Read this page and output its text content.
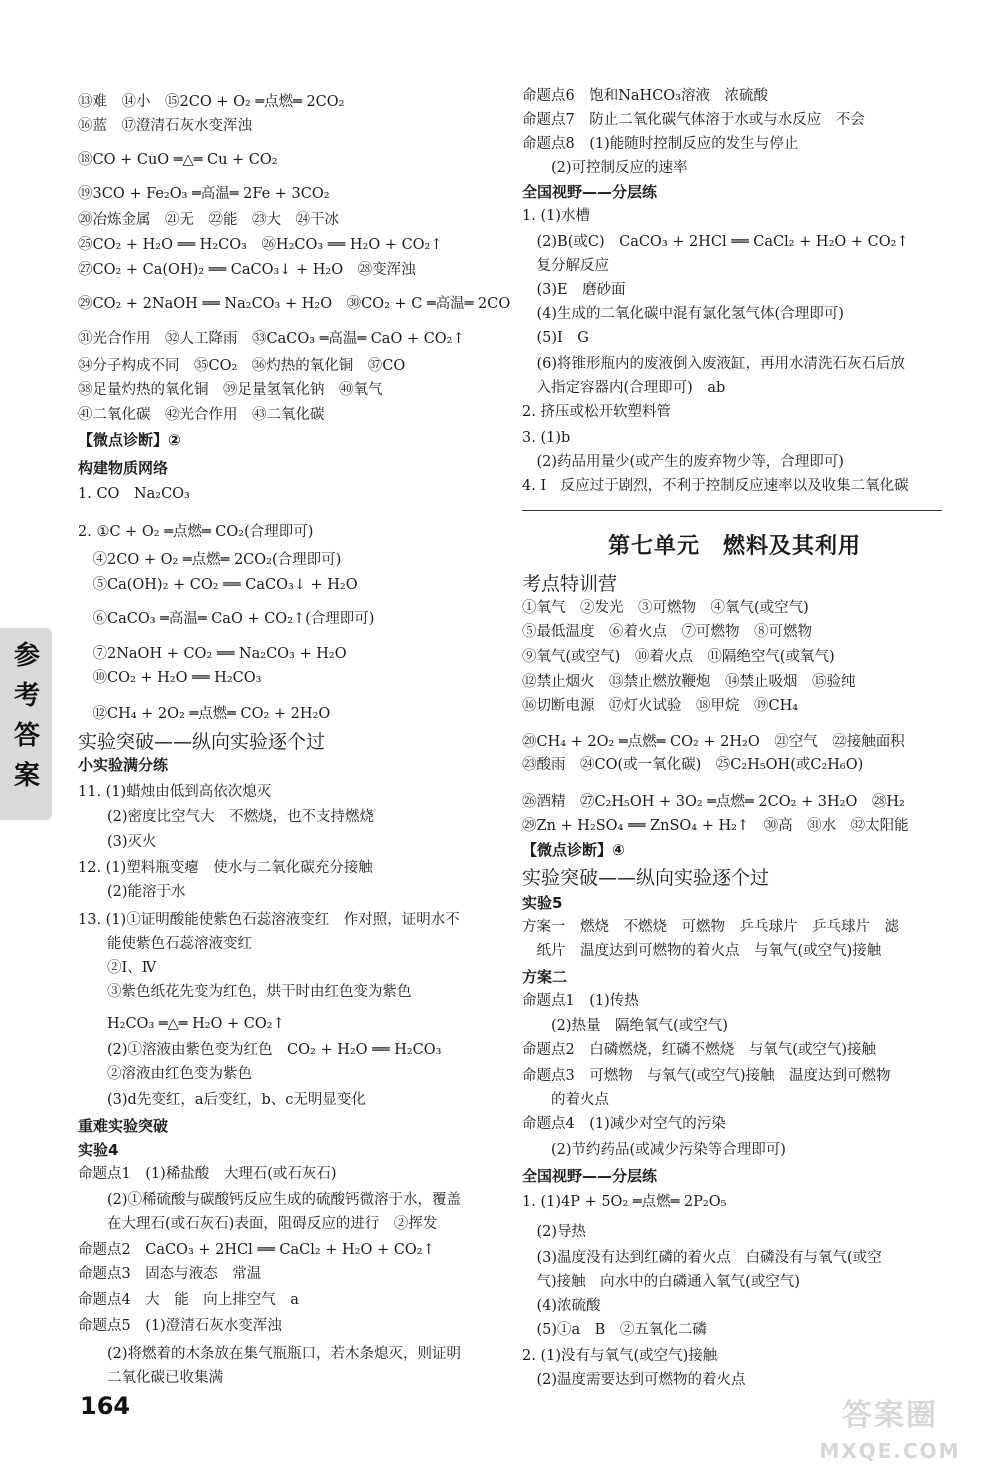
⑬难　⑭小　⑮2CO + O₂ ═点燃═ 2CO₂
⑯蓝　⑰澄清石灰水变浑浊
⑱CO + CuO ═△═ Cu + CO₂
⑲3CO + Fe₂O₃ ═高温═ 2Fe + 3CO₂
⑳冶炼金属　㉑无　㉒能　㉓大　㉔干冰
㉕CO₂ + H₂O ══ H₂CO₃　㉖H₂CO₃ ══ H₂O + CO₂↑
㉗CO₂ + Ca(OH)₂ ══ CaCO₃↓ + H₂O　㉘变浑浊
㉙CO₂ + 2NaOH ══ Na₂CO₃ + H₂O　㉚CO₂ + C ═高温═ 2CO
㉛光合作用　㉜人工降雨　㉝CaCO₃ ═高温═ CaO + CO₂↑
㉞分子构成不同　㉟CO₂　㊱灼热的氧化铜　㊲CO
㊳足量灼热的氧化铜　㊴足量氢氧化钠　㊵氧气
㊶二氧化碳　㊷光合作用　㊸二氧化碳
【微点诊断】②
构建物质网络
1. CO　Na₂CO₃
2. ①C + O₂ ═点燃═ CO₂(合理即可)
　④2CO + O₂ ═点燃═ 2CO₂(合理即可)
　⑤Ca(OH)₂ + CO₂ ══ CaCO₃↓ + H₂O
　⑥CaCO₃ ═高温═ CaO + CO₂↑(合理即可)
　⑦2NaOH + CO₂ ══ Na₂CO₃ + H₂O
　⑩CO₂ + H₂O ══ H₂CO₃
　⑫CH₄ + 2O₂ ═点燃═ CO₂ + 2H₂O
实验突破——纵向实验逐个过
小实验满分练
11. (1)蜡烛由低到高依次熄灭
　　(2)密度比空气大　不燃烧，也不支持燃烧
　　(3)灭火
12. (1)塑料瓶变瘪　使水与二氧化碳充分接触
　　(2)能溶于水
13. (1)①证明酸能使紫色石蕊溶液变红　作对照，证明水不
　　能使紫色石蕊溶液变红
　　②Ⅰ、Ⅳ
　　③紫色纸花先变为红色，烘干时由红色变为紫色
　　H₂CO₃ ═△═ H₂O + CO₂↑
　　(2)①溶液由紫色变为红色　CO₂ + H₂O ══ H₂CO₃
　　②溶液由红色变为紫色
　　(3)d先变红，a后变红，b、c无明显变化
重难实验突破
实验4
命题点1　(1)稀盐酸　大理石(或石灰石)
　　(2)①稀硫酸与碳酸钙反应生成的硫酸钙微溶于水，覆盖
　　在大理石(或石灰石)表面，阻碍反应的进行　②挥发
命题点2　CaCO₃ + 2HCl ══ CaCl₂ + H₂O + CO₂↑
命题点3　固态与液态　常温
命题点4　大　能　向上排空气　a
命题点5　(1)澄清石灰水变浑浊
　　(2)将燃着的木条放在集气瓶瓶口，若木条熄灭，则证明
　　二氧化碳已收集满
命题点6　饱和NaHCO₃溶液　浓硫酸
命题点7　防止二氧化碳气体溶于水或与水反应　不会
命题点8　(1)能随时控制反应的发生与停止
　　(2)可控制反应的速率
全国视野——分层练
1. (1)水槽
　(2)B(或C)　CaCO₃ + 2HCl ══ CaCl₂ + H₂O + CO₂↑
　复分解反应
　(3)E　磨砂面
　(4)生成的二氧化碳中混有氯化氢气体(合理即可)
　(5)I　G
　(6)将锥形瓶内的废液倒入废液缸，再用水清洗石灰石后放
　入指定容器内(合理即可)　ab
2. 挤压或松开软塑料管
3. (1)b
　(2)药品用量少(或产生的废弃物少等，合理即可)
4. Ⅰ　反应过于剧烈，不利于控制反应速率以及收集二氧化碳
第七单元　燃料及其利用
考点特训营
①氧气　②发光　③可燃物　④氧气(或空气)
⑤最低温度　⑥着火点　⑦可燃物　⑧可燃物
⑨氧气(或空气)　⑩着火点　⑪隔绝空气(或氧气)
⑫禁止烟火　⑬禁止燃放鞭炮　⑭禁止吸烟　⑮验纯
⑯切断电源　⑰灯火试验　⑱甲烷　⑲CH₄
⑳CH₄ + 2O₂ ═点燃═ CO₂ + 2H₂O　㉑空气　㉒接触面积
㉓酸雨　㉔CO(或一氧化碳)　㉕C₂H₅OH(或C₂H₆O)
㉖酒精　㉗C₂H₅OH + 3O₂ ═点燃═ 2CO₂ + 3H₂O　㉘H₂
㉙Zn + H₂SO₄ ══ ZnSO₄ + H₂↑　㉚高　㉛水　㉜太阳能
【微点诊断】④
实验突破——纵向实验逐个过
实验5
方案一　燃烧　不燃烧　可燃物　乒乓球片　乒乓球片　滤
　纸片　温度达到可燃物的着火点　与氧气(或空气)接触
方案二
命题点1　(1)传热
　　(2)热量　隔绝氧气(或空气)
命题点2　白磷燃烧，红磷不燃烧　与氧气(或空气)接触
命题点3　可燃物　与氧气(或空气)接触　温度达到可燃物
　　的着火点
命题点4　(1)减少对空气的污染
　　(2)节约药品(或减少污染等合理即可)
全国视野——分层练
1. (1)4P + 5O₂ ═点燃═ 2P₂O₅
　(2)导热
　(3)温度没有达到红磷的着火点　白磷没有与氧气(或空
　气)接触　向水中的白磷通入氧气(或空气)
　(4)浓硫酸
　(5)①a　B　②五氧化二磷
2. (1)没有与氧气(或空气)接触
　(2)温度需要达到可燃物的着火点
参考答案
164	答案圈
MXQE.COM
